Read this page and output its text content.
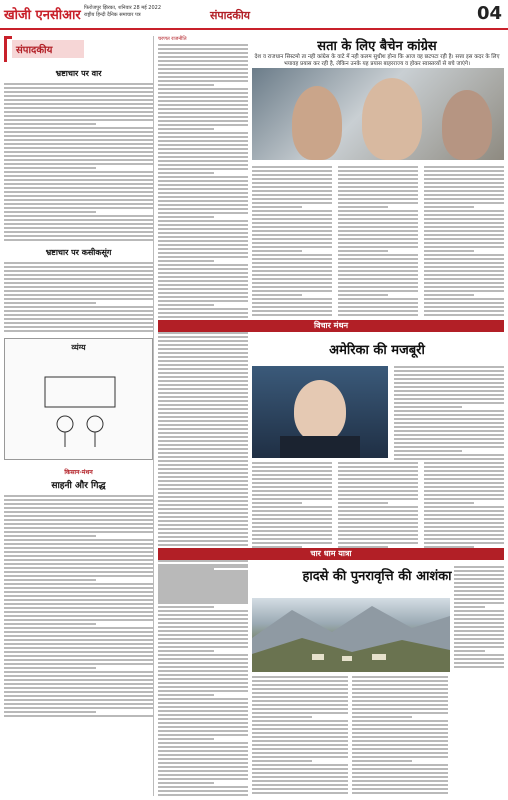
खोजी एनसीआर फिरोजपुर झिरका, शनिवार 28 मई 2022
राष्ट्रीय हिन्दी दैनिक समाचार पत्र	संपादकीय	04
संपादकीय
भ्रष्टाचार पर वार
भ्रष्टाचार पर कसीकसूंग
व्यंग्य
किसान-मंथन
साहनी और गिद्ध
चरणत राजनीति	सता के लिए बैचेन कांग्रेस
देश व राजधान सिस्टमो ता नही कांग्रेस के वाटे में नही कलम सुधीश होना कि आज वह छटपटा रही है। सत्ता इस कदर के लिए भयावह प्रयास कर रही है, लेकिन उनके यह प्रयास बाहरराज्य व होकर स्वास्तव्यों से बचे जाएंगे।
विचार मंथन
अमेरिका की मजबूरी
चार धाम यात्रा
हादसे की पुनरावृत्ति की आशंका
